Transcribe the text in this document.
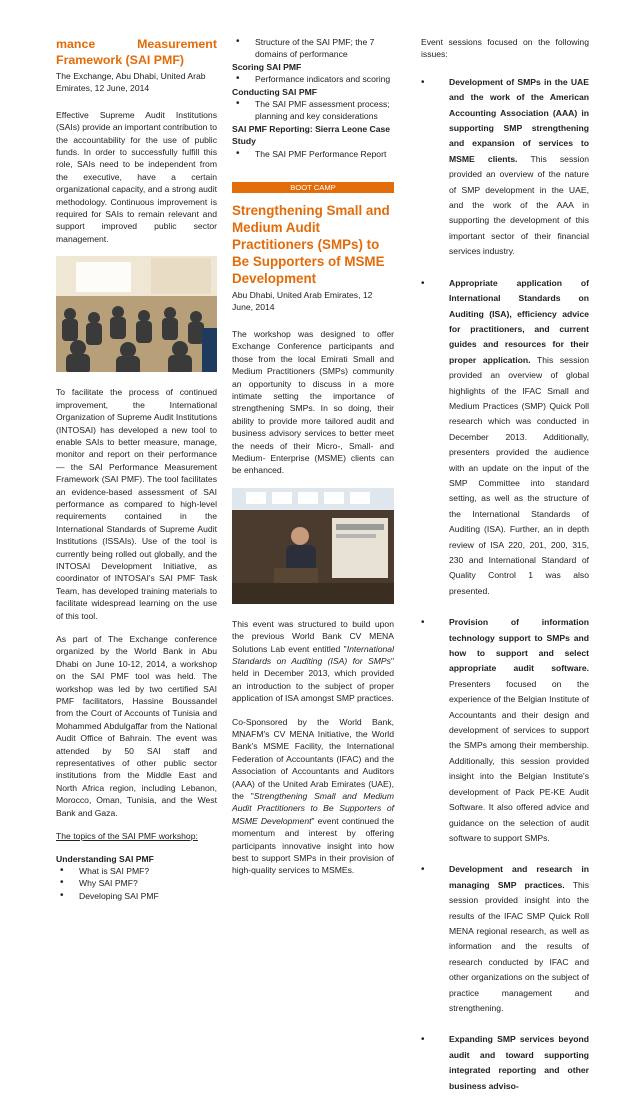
mance Measurement Framework (SAI PMF)
The Exchange, Abu Dhabi, United Arab Emirates, 12 June, 2014

Effective Supreme Audit Institutions (SAIs) provide an important contribution to the accountability for the use of public funds. In order to successfully fulfill this role, SAIs need to be independent from the executive, have a certain organizational capacity, and a strong audit methodology. Continuous improvement is required for SAIs to remain relevant and support improved public sector management.

To facilitate the process of continued improvement, the International Organization of Supreme Audit Institutions (INTOSAI) has developed a new tool to enable SAIs to better measure, manage, monitor and report on their performance — the SAI Performance Measurement Framework (SAI PMF). The tool facilitates an evidence-based assessment of SAI performance as compared to high-level requirements contained in the International Standards of Supreme Audit Institutions (ISSAIs). Use of the tool is currently being rolled out globally, and the INTOSAI Development Initiative, as coordinator of INTOSAI's SAI PMF Task Team, has developed training materials to facilitate widespread learning on the use of this tool.

As part of The Exchange conference organized by the World Bank in Abu Dhabi on June 10-12, 2014, a workshop on the SAI PMF tool was held. The workshop was led by two certified SAI PMF facilitators, Hassine Boussandel from the Court of Accounts of Tunisia and Mohammed Abdulgaffar from the National Audit Office of Bahrain. The event was attended by 50 SAI staff and representatives of other public sector institutions from the Middle East and North Africa region, including Lebanon, Morocco, Oman, Tunisia, and the West Bank and Gaza.

The topics of the SAI PMF workshop:

Understanding SAI PMF
• What is SAI PMF?
• Why SAI PMF?
• Developing SAI PMF
• Structure of the SAI PMF; the 7 domains of performance
Scoring SAI PMF
• Performance indicators and scoring
Conducting SAI PMF
• The SAI PMF assessment process; planning and key considerations
SAI PMF Reporting: Sierra Leone Case Study
• The SAI PMF Performance Report
BOOT CAMP
Strengthening Small and Medium Audit Practitioners (SMPs) to Be Supporters of MSME Development
Abu Dhabi, United Arab Emirates, 12 June, 2014

The workshop was designed to offer Exchange Conference participants and those from the local Emirati Small and Medium Practitioners (SMPs) community an opportunity to discuss in a more intimate setting the importance of strengthening SMPs. In so doing, their ability to provide more tailored audit and business advisory services to better meet the needs of their Micro-, Small- and Medium- Enterprise (MSME) clients can be enhanced.

This event was structured to build upon the previous World Bank CV MENA Solutions Lab event entitled "International Standards on Auditing (ISA) for SMPs" held in December 2013, which provided an introduction to the subject of proper application of ISA amongst SMP practices.

Co-Sponsored by the World Bank, MNAFM's CV MENA Initiative, the World Bank's MSME Facility, the International Federation of Accountants (IFAC) and the Association of Accountants and Auditors (AAA) of the United Arab Emirates (UAE), the "Strengthening Small and Medium Audit Practitioners to Be Supporters of MSME Development" event continued the momentum and interest by offering participants innovative insight into how best to support SMPs in their provision of high-quality services to MSMEs.

Event sessions focused on the following issues:

• Development of SMPs in the UAE and the work of the American Accounting Association (AAA) in supporting SMP strengthening and expansion of services to MSME clients. This session provided an overview of the nature of SMP development in the UAE, and the work of the AAA in supporting the development of this important sector of their financial services industry.
• Appropriate application of International Standards on Auditing (ISA), efficiency advice for practitioners, and current guides and resources for their proper application. This session provided an overview of global highlights of the IFAC Small and Medium Practices (SMP) Quick Poll research which was conducted in December 2013. Additionally, presenters provided the audience with an update on the input of the SMP Committee into standard setting, as well as the structure of the International Standards of Auditing (ISA). Further, an in depth review of ISA 220, 201, 200, 315, 230 and International Standard of Quality Control 1 was also presented.
• Provision of information technology support to SMPs and how to support and select appropriate audit software. Presenters focused on the experience of the Belgian Institute of Accountants and their design and development of services to support the SMPs among their membership. Additionally, this session provided insight into the Belgian Institute's development of Pack PE-KE Audit Software. It also offered advice and guidance on the selection of audit software to support SMPs.
• Development and research in managing SMP practices. This session provided insight into the results of the IFAC SMP Quick Roll MENA regional research, as well as information and the results of research conducted by IFAC and other organizations on the subject of practice management and strengthening.
• Expanding SMP services beyond audit and toward supporting integrated reporting and other business adviso-
